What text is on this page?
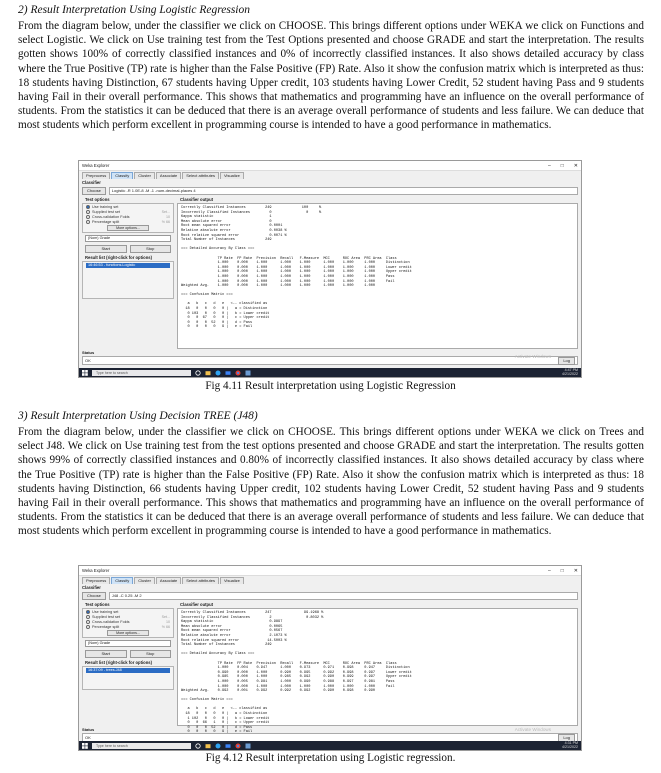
2) Result Interpretation Using Logistic Regression

From the diagram below, under the classifier we click on CHOOSE. This brings different options under WEKA we click on Functions and select Logistic. We click on Use training test from the Test Options presented and choose GRADE and start the interpretation. The results gotten shows 100% of correctly classified instances and 0% of incorrectly classified instances. It also shows detailed accuracy by class where the True Positive (TP) rate is higher than the False Positive (FP) Rate. Also it show the confusion matrix which is interpreted as thus: 18 students having Distinction, 67 students having Upper credit, 103 students having Lower Credit, 52 student having Pass and 9 students having Fail in their overall performance. This shows that mathematics and programming have an influence on the overall performance of students. From the statistics it can be deduced that there is an average overall performance of students and less failure. We can deduce that most students which perform excellent in programming course is intended to have a good performance in mathematics.

Weka Explorer	– □ ✕
Preprocess	Classify	Cluster	Associate	Select attributes	Visualize
Classifier
Choose	Logistic -R 1.0E-8 -M -1 -num-decimal-places 4
Test options
Use training set
Supplied test set	Set...
Cross-validation Folds	10
Percentage split	% 66
More options...
(Nom) Grade
Start	Stop
Result list (right-click for options)
16:46:53 - functions.Logistic
Classifier output
Correctly Classified Instances         249              100     %
Incorrectly Classified Instances         0                0     %
Kappa statistic                          1
Mean absolute error                      0
Root mean squared error                  0.0001
Relative absolute error                  0.0038 %
Root relative squared error              0.0071 %
Total Number of Instances              249

=== Detailed Accuracy By Class ===

TP Rate  FP Rate  Precision  Recall   F-Measure  MCC      ROC Area  PRC Area  Class
1.000    0.000    1.000      1.000    1.000      1.000    1.000     1.000     Distinction
1.000    0.000    1.000      1.000    1.000      1.000    1.000     1.000     Lower credit
1.000    0.000    1.000      1.000    1.000      1.000    1.000     1.000     Upper credit
1.000    0.000    1.000      1.000    1.000      1.000    1.000     1.000     Pass
1.000    0.000    1.000      1.000    1.000      1.000    1.000     1.000     Fail
Weighted Avg.    1.000    0.000    1.000      1.000    1.000      1.000    1.000     1.000

=== Confusion Matrix ===

a   b   c   d   e   <-- classified as
18   0   0   0   0 |   a = Distinction
0 103   0   0   0 |   b = Lower credit
0   0  67   0   0 |   c = Upper credit
0   0   0  52   0 |   d = Pass
0   0   0   0   9 |   e = Fail
Status
OK	Log
Activate Windows
Type here to search
4:47 PM
4/21/2022
Fig 4.11 Result interpretation using Logistic Regression
3) Result Interpretation Using Decision TREE (J48)

From the diagram below, under the classifier we click on CHOOSE. This brings different options under WEKA we click on Trees and select J48. We click on Use training test from the test options presented and choose GRADE and start the interpretation. The results gotten shows 99% of correctly classified instances and 0.80% of incorrectly classified instances. It also shows detailed accuracy by class where the True Positive (TP) rate is higher than the False Positive (FP) Rate. Also it show the confusion matrix which is interpreted as thus: 18 students having Distinction, 66 students having Upper credit, 102 students having Lower Credit, 52 student having Pass and 9 students having Fail in their overall performance. This shows that mathematics and programming have an influence on the overall performance of students. From the statistics it can be deduced that there is an average overall performance of students and less failure. We can deduce that most students which perform excellent in programming course is intended to have a good performance in mathematics.

Weka Explorer	– □ ✕
Preprocess	Classify	Cluster	Associate	Select attributes	Visualize
Classifier
Choose	J48 -C 0.25 -M 2
Test options
Use training set
Supplied test set	Set...
Cross-validation Folds	10
Percentage split	% 66
More options...
(Nom) Grade
Start	Stop
Result list (right-click for options)
16:37:09 - trees.J48
Classifier output
Correctly Classified Instances         247               99.1968 %
Incorrectly Classified Instances         2                0.8032 %
Kappa statistic                          0.9897
Mean absolute error                      0.0065
Root mean squared error                  0.0567
Relative absolute error                  2.1073 %
Root relative squared error             14.5003 %
Total Number of Instances              249

=== Detailed Accuracy By Class ===

TP Rate  FP Rate  Precision  Recall   F-Measure  MCC      ROC Area  PRC Area  Class
1.000    0.004    0.947      1.000    0.973      0.971    0.998     0.947     Distinction
0.990    0.000    1.000      0.990    0.995      0.992    0.998     0.997     Lower credit
0.985    0.000    1.000      0.985    0.992      0.990    0.999     0.997     Upper credit
1.000    0.005    0.981      1.000    0.990      0.988    0.997     0.981     Pass
1.000    0.000    1.000      1.000    1.000      1.000    1.000     1.000     Fail
Weighted Avg.    0.992    0.001    0.992      0.992    0.992      0.990    0.998     0.990

=== Confusion Matrix ===

a   b   c   d   e   <-- classified as
18   0   0   0   0 |   a = Distinction
1 102   0   0   0 |   b = Lower credit
0   0  66   1   0 |   c = Upper credit
0   0   0  52   0 |   d = Pass
0   0   0   0   9 |   e = Fail
Status
OK	Log
Activate Windows
Type here to search
4:31 PM
4/21/2022
Fig 4.12 Result interpretation using Logistic regression.
